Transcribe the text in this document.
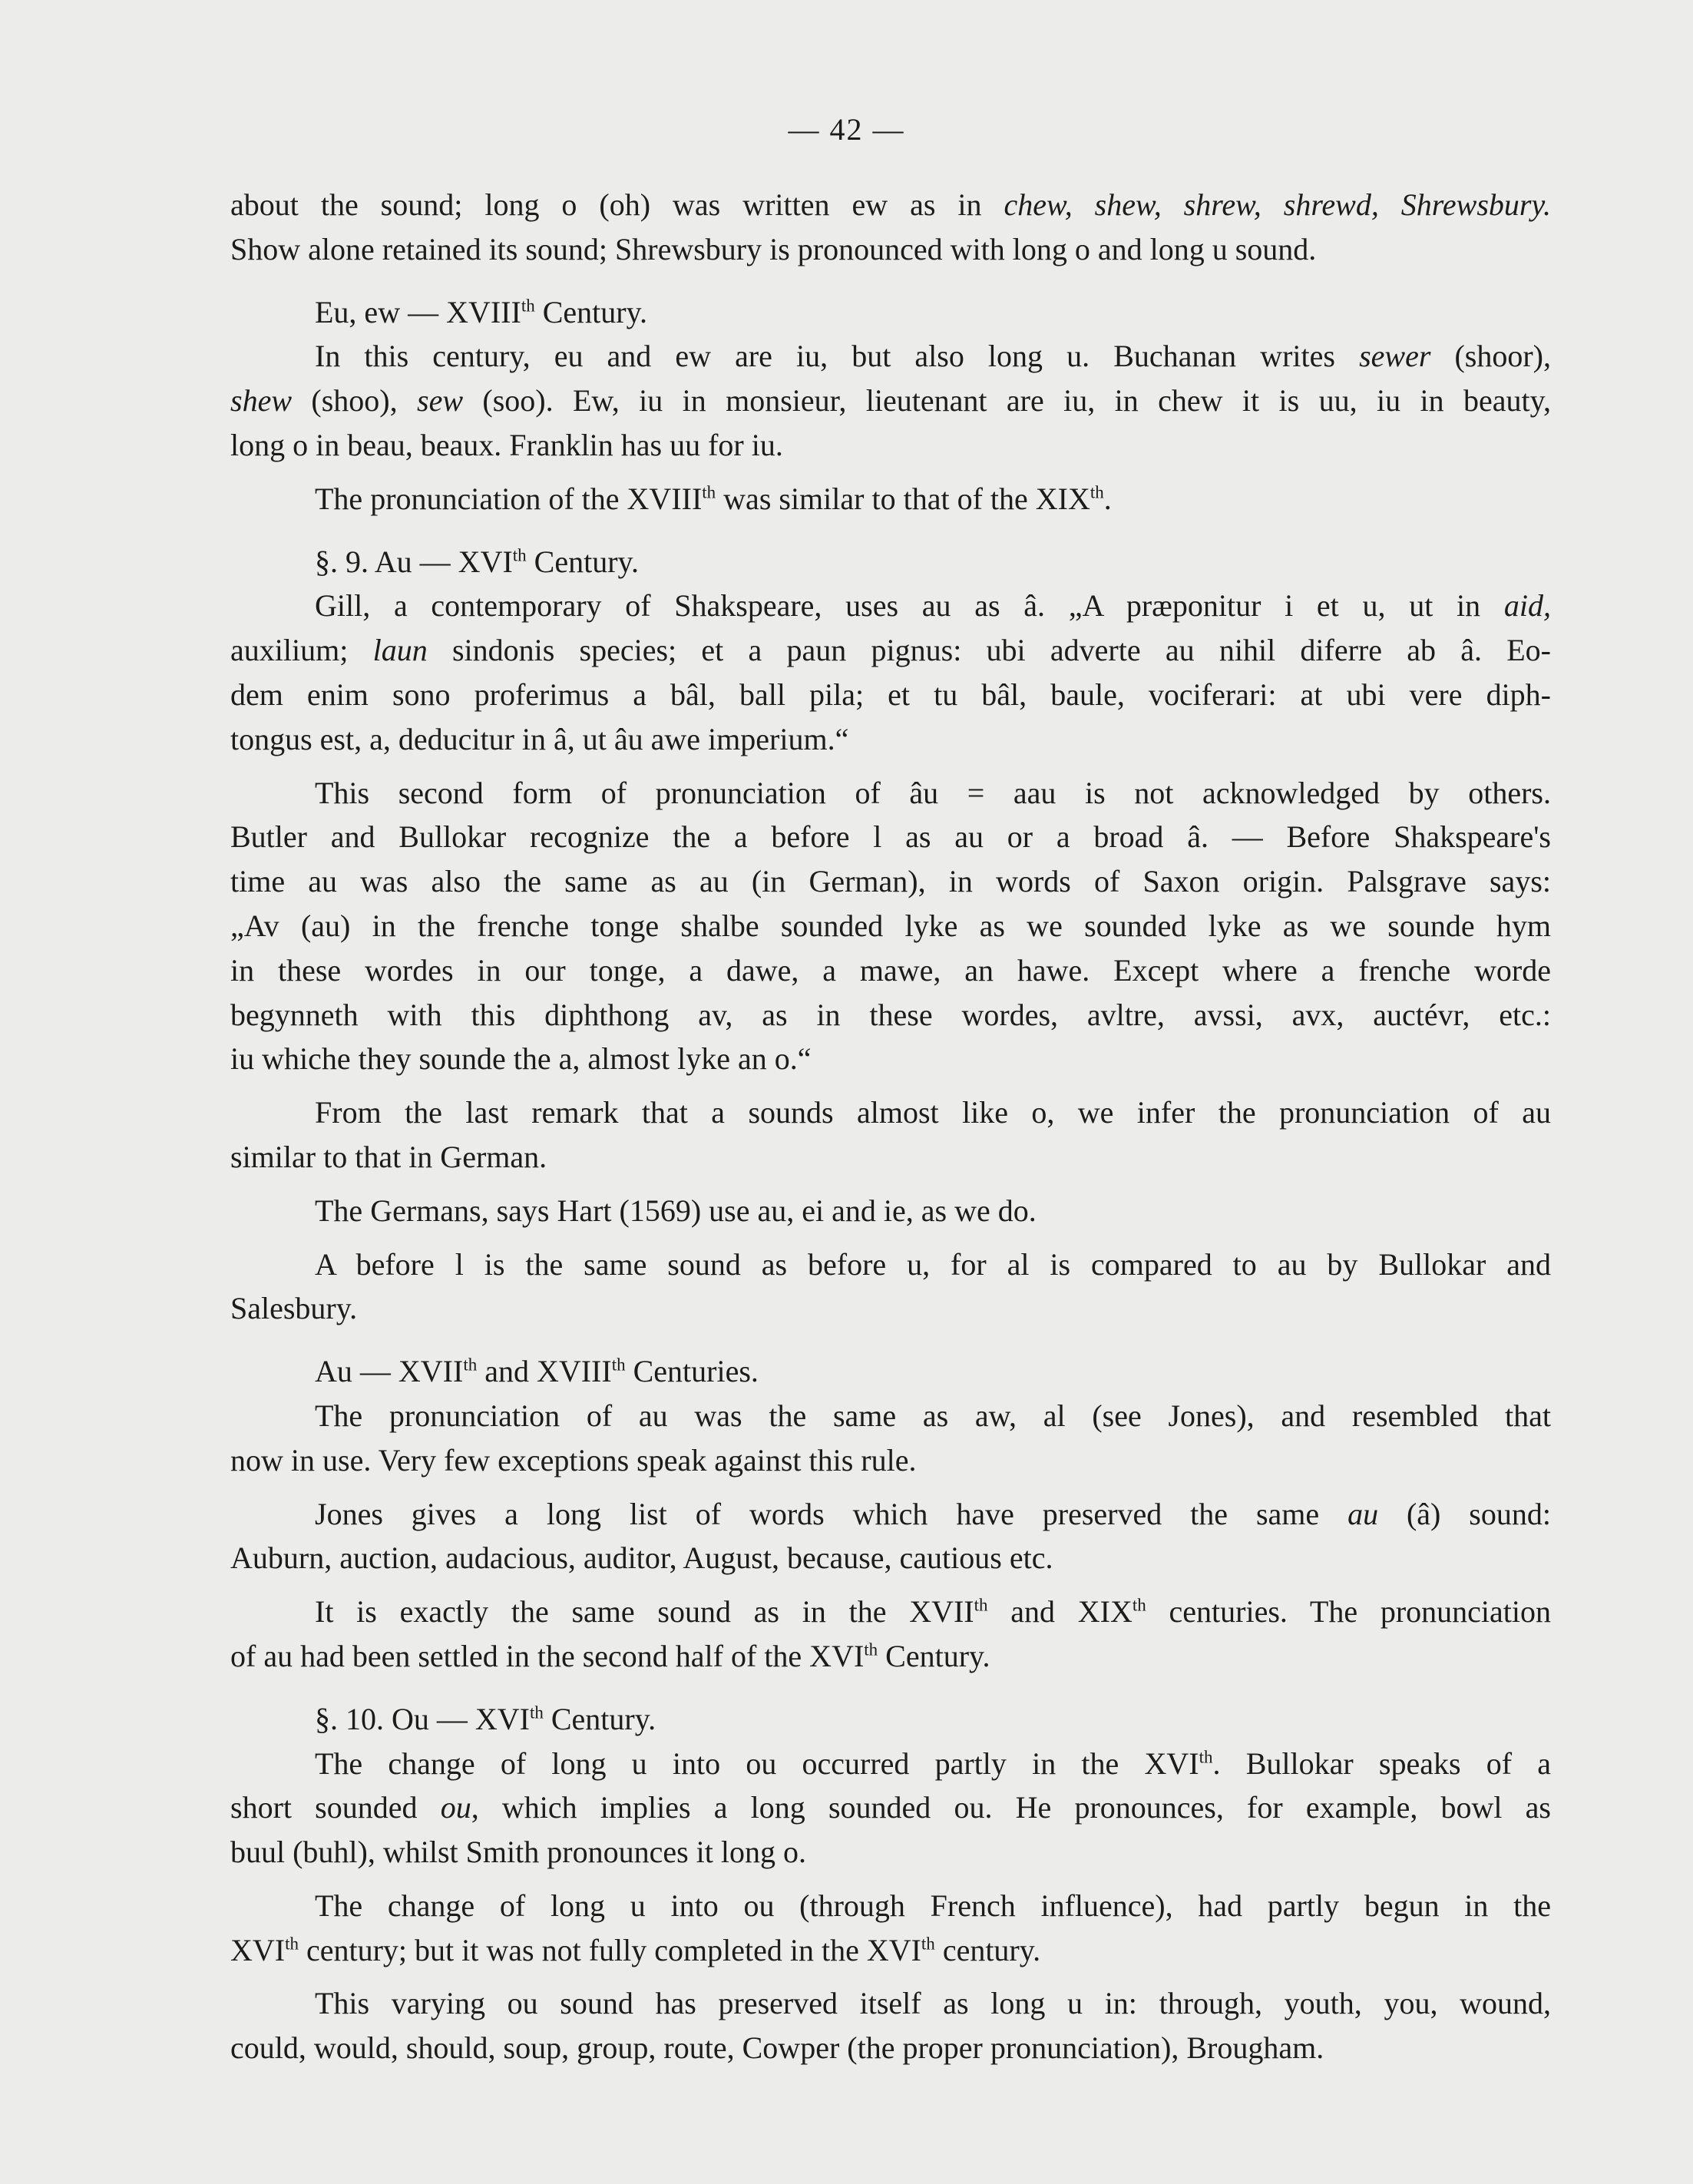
— 42 —
about the sound; long o (oh) was written ew as in chew, shew, shrew, shrewd, Shrewsbury.
Show alone retained its sound; Shrewsbury is pronounced with long o and long u sound.
Eu, ew — XVIIIth Century.
In this century, eu and ew are iu, but also long u. Buchanan writes sewer (shoor),
shew (shoo), sew (soo). Ew, iu in monsieur, lieutenant are iu, in chew it is uu, iu in beauty,
long o in beau, beaux. Franklin has uu for iu.
The pronunciation of the XVIIIth was similar to that of the XIXth.
§. 9. Au — XVIth Century.
Gill, a contemporary of Shakspeare, uses au as â. „A præponitur i et u, ut in aid,
auxilium; laun sindonis species; et a paun pignus: ubi adverte au nihil diferre ab â. Eo-
dem enim sono proferimus a bâl, ball pila; et tu bâl, baule, vociferari: at ubi vere diph-
tongus est, a, deducitur in â, ut âu awe imperium.“
This second form of pronunciation of âu = aau is not acknowledged by others.
Butler and Bullokar recognize the a before l as au or a broad â. — Before Shakspeare's
time au was also the same as au (in German), in words of Saxon origin. Palsgrave says:
„Av (au) in the frenche tonge shalbe sounded lyke as we sounded lyke as we sounde hym
in these wordes in our tonge, a dawe, a mawe, an hawe. Except where a frenche worde
begynneth with this diphthong av, as in these wordes, avltre, avssi, avx, auctévr, etc.:
iu whiche they sounde the a, almost lyke an o.“
From the last remark that a sounds almost like o, we infer the pronunciation of au
similar to that in German.
The Germans, says Hart (1569) use au, ei and ie, as we do.
A before l is the same sound as before u, for al is compared to au by Bullokar and
Salesbury.
Au — XVIIth and XVIIIth Centuries.
The pronunciation of au was the same as aw, al (see Jones), and resembled that
now in use. Very few exceptions speak against this rule.
Jones gives a long list of words which have preserved the same au (â) sound:
Auburn, auction, audacious, auditor, August, because, cautious etc.
It is exactly the same sound as in the XVIIth and XIXth centuries. The pronunciation
of au had been settled in the second half of the XVIth Century.
§. 10. Ou — XVIth Century.
The change of long u into ou occurred partly in the XVIth. Bullokar speaks of a
short sounded ou, which implies a long sounded ou. He pronounces, for example, bowl as
buul (buhl), whilst Smith pronounces it long o.
The change of long u into ou (through French influence), had partly begun in the
XVIth century; but it was not fully completed in the XVIth century.
This varying ou sound has preserved itself as long u in: through, youth, you, wound,
could, would, should, soup, group, route, Cowper (the proper pronunciation), Brougham.
